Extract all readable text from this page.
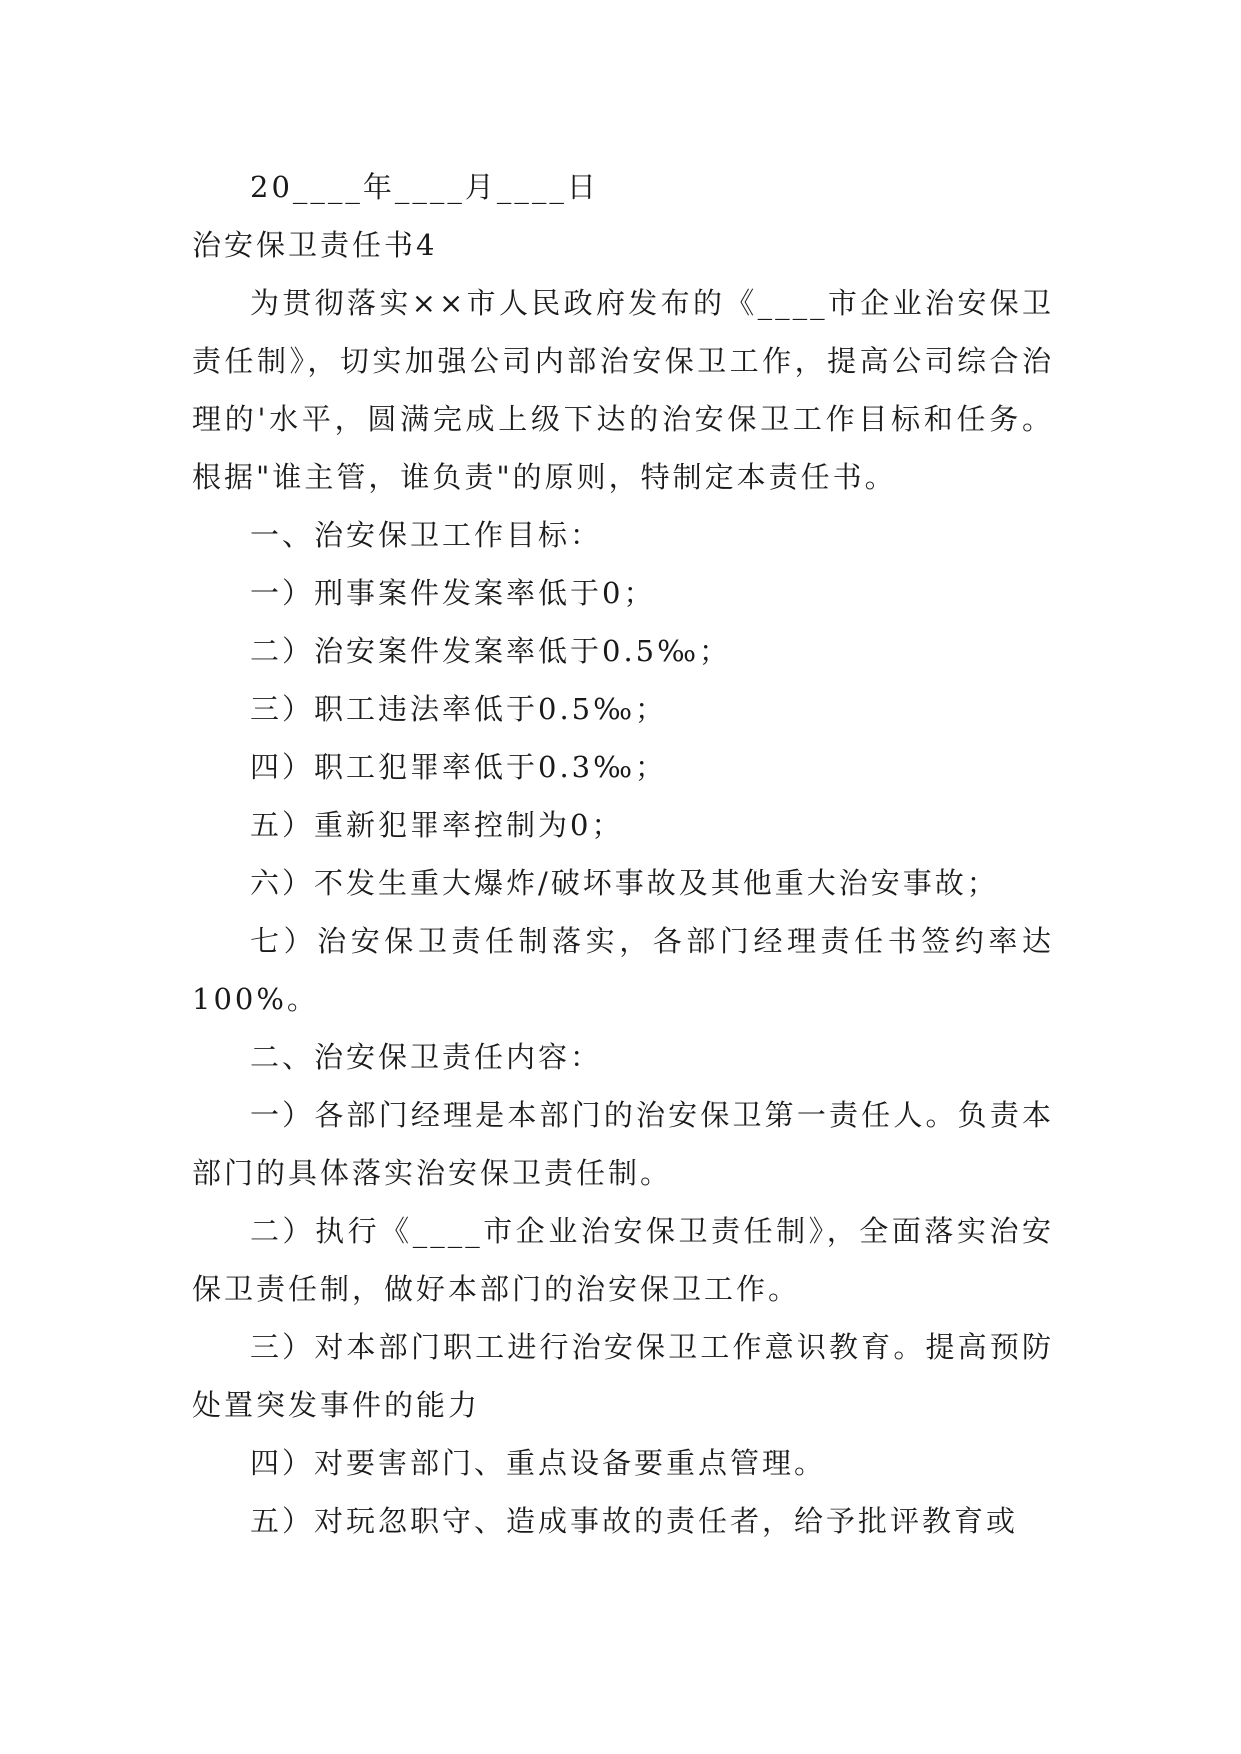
20____年____月____日

治安保卫责任书4

为贯彻落实××市人民政府发布的《____市企业治安保卫责任制》，切实加强公司内部治安保卫工作，提高公司综合治理的'水平，圆满完成上级下达的治安保卫工作目标和任务。根据"谁主管，谁负责"的原则，特制定本责任书。

一、治安保卫工作目标：

一）刑事案件发案率低于0；

二）治安案件发案率低于0.5‰；

三）职工违法率低于0.5‰；

四）职工犯罪率低于0.3‰；

五）重新犯罪率控制为0；

六）不发生重大爆炸/破坏事故及其他重大治安事故；

七）治安保卫责任制落实，各部门经理责任书签约率达100%。

二、治安保卫责任内容：

一）各部门经理是本部门的治安保卫第一责任人。负责本部门的具体落实治安保卫责任制。

二）执行《____市企业治安保卫责任制》，全面落实治安保卫责任制，做好本部门的治安保卫工作。

三）对本部门职工进行治安保卫工作意识教育。提高预防处置突发事件的能力

四）对要害部门、重点设备要重点管理。

五）对玩忽职守、造成事故的责任者，给予批评教育或
